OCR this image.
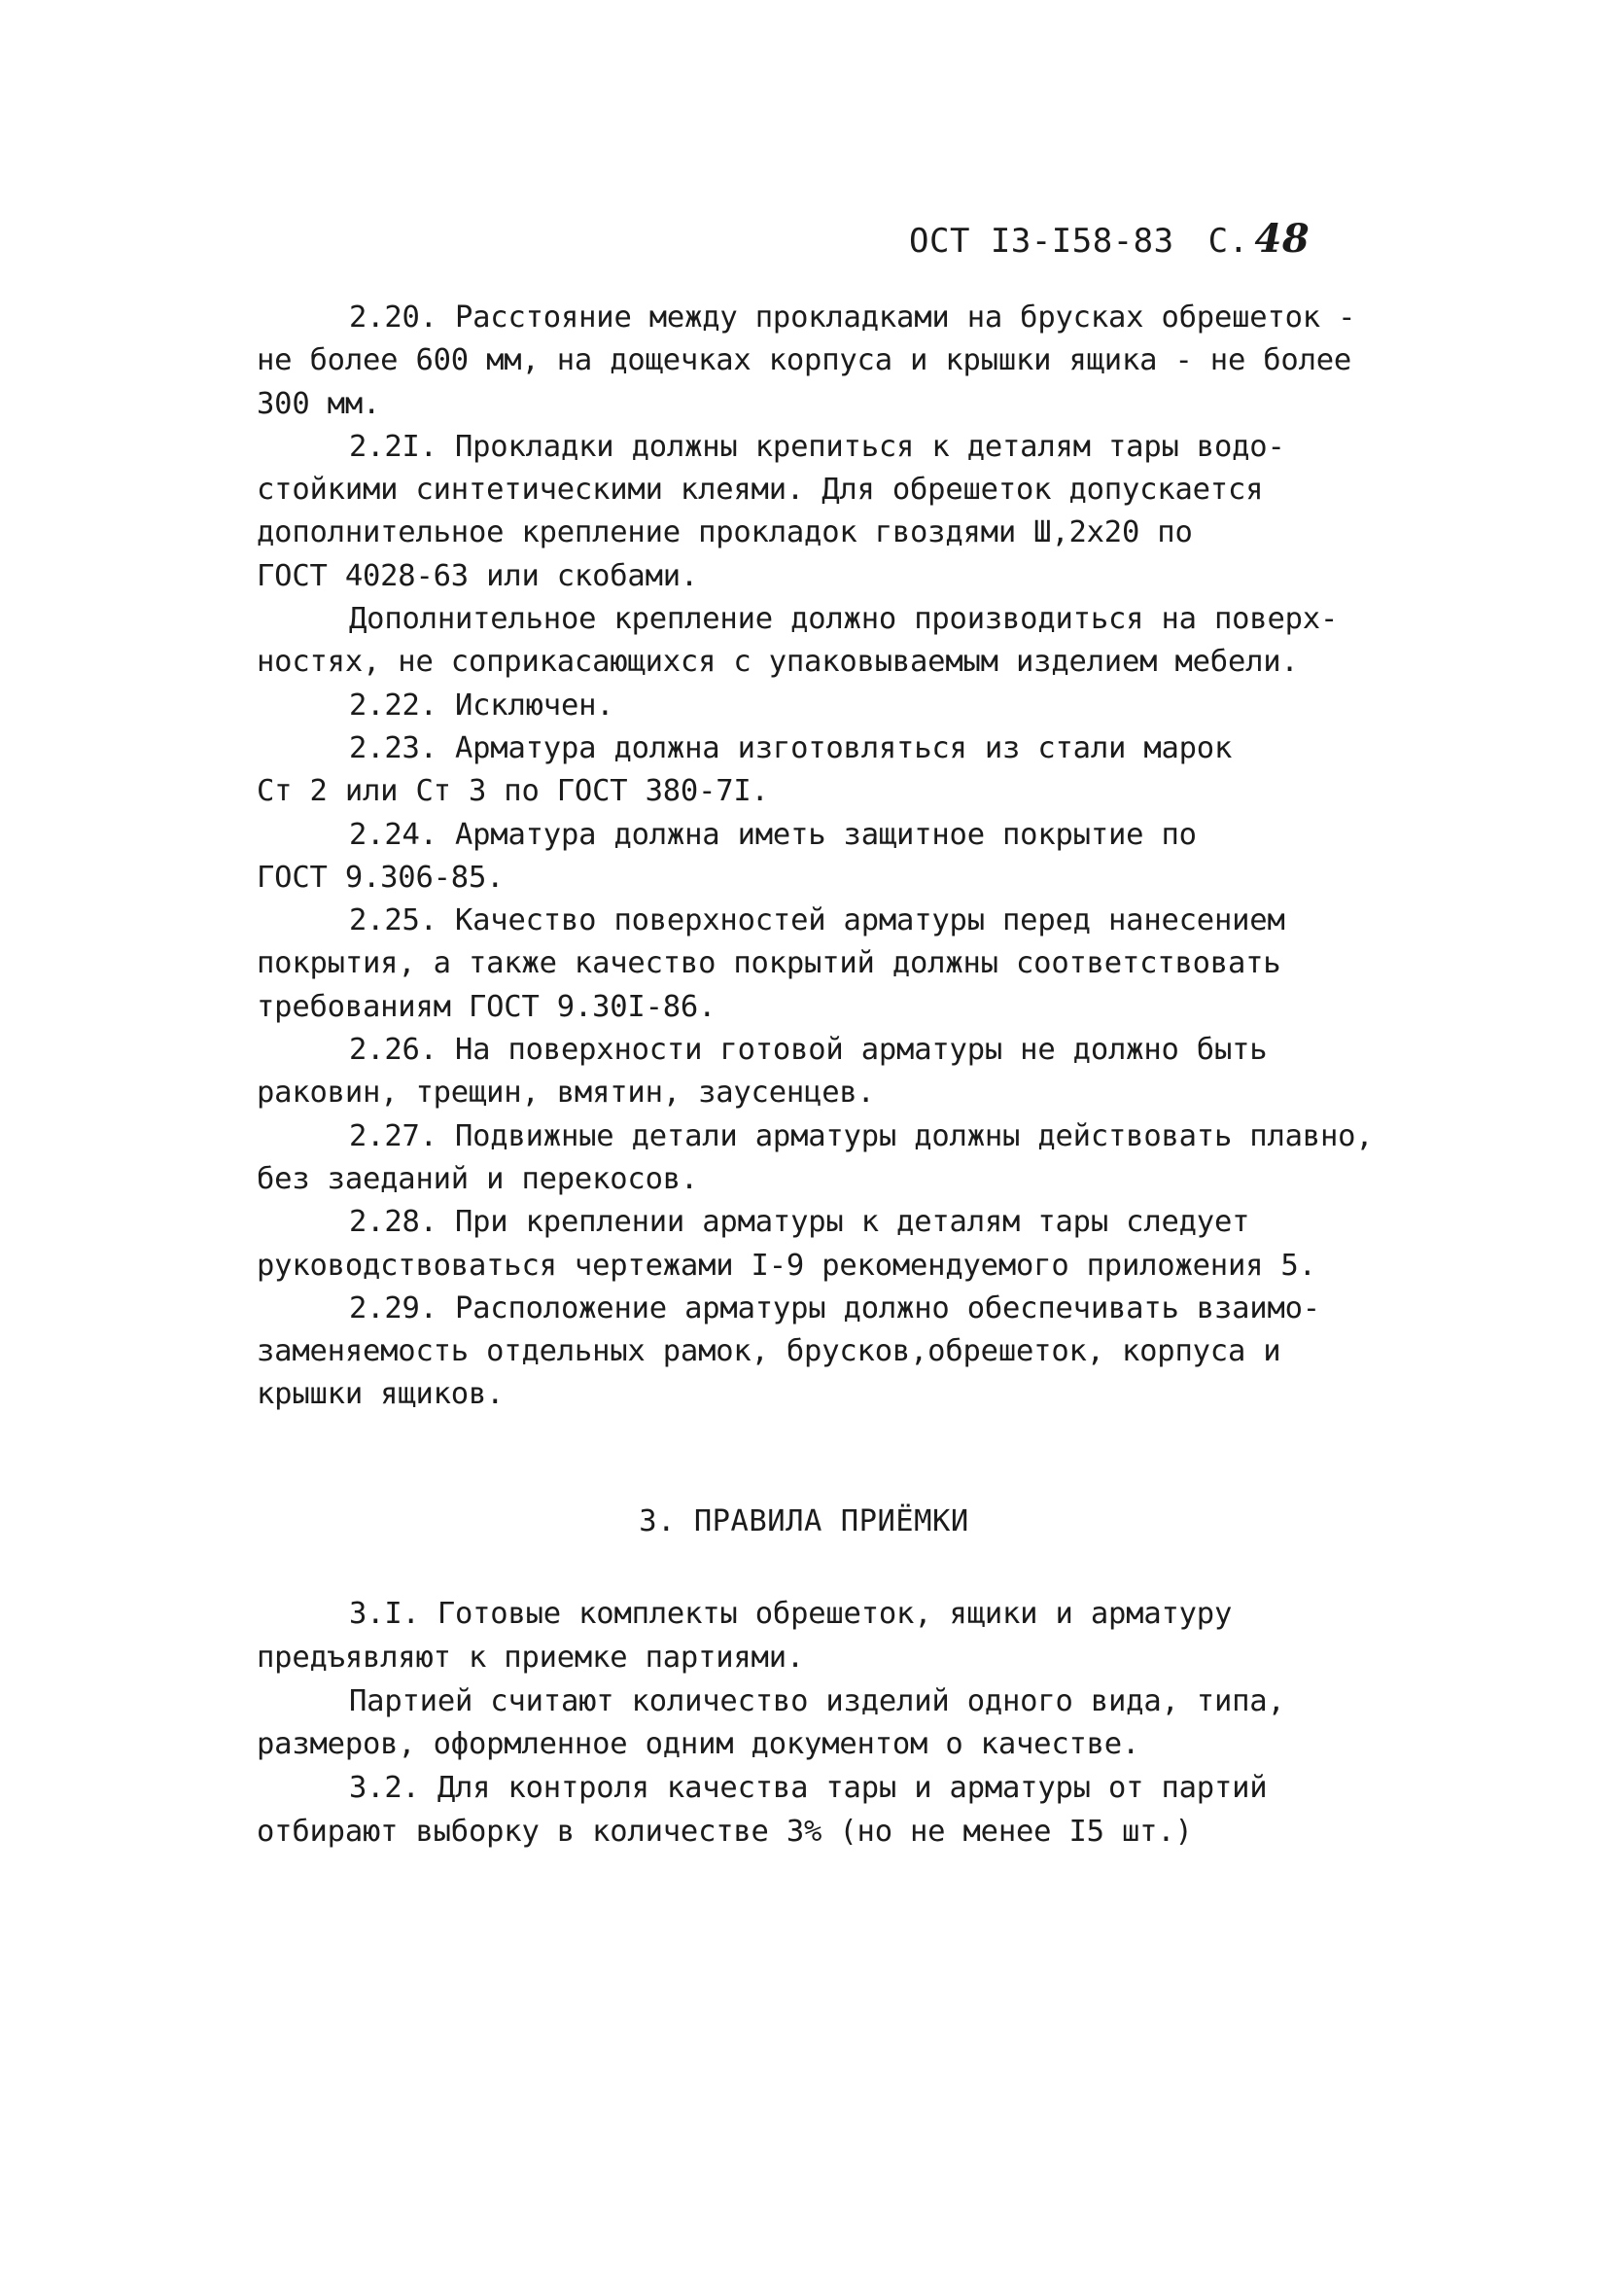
ОСТ I3-I58-83 С. 48

2.20. Расстояние между прокладками на брусках обрешеток -
не более 600 мм, на дощечках корпуса и крышки ящика - не более
300 мм.

2.2I. Прокладки должны крепиться к деталям тары водо-
стойкими синтетическими клеями. Для обрешеток допускается
дополнительное крепление прокладок гвоздями Ш,2х20 по
ГОСТ 4028-63 или скобами.

Дополнительное крепление должно производиться на поверх-
ностях, не соприкасающихся с упаковываемым изделием мебели.

2.22. Исключен.

2.23. Арматура должна изготовляться из стали марок
Ст 2 или Ст 3 по ГОСТ 380-7I.

2.24. Арматура должна иметь защитное покрытие по
ГОСТ 9.306-85.

2.25. Качество поверхностей арматуры перед нанесением
покрытия, а также качество покрытий должны соответствовать
требованиям ГОСТ 9.30I-86.

2.26. На поверхности готовой арматуры не должно быть
раковин, трещин, вмятин, заусенцев.

2.27. Подвижные детали арматуры должны действовать плавно,
без заеданий и перекосов.

2.28. При креплении арматуры к деталям тары следует
руководствоваться чертежами I-9 рекомендуемого приложения 5.

2.29. Расположение арматуры должно обеспечивать взаимо-
заменяемость отдельных рамок, брусков,обрешеток, корпуса и
крышки ящиков.

3. ПРАВИЛА ПРИЁМКИ

3.I. Готовые комплекты обрешеток, ящики и арматуру
предъявляют к приемке партиями.

Партией считают количество изделий одного вида, типа,
размеров, оформленное одним документом о качестве.

3.2. Для контроля качества тары и арматуры от партий
отбирают выборку в количестве 3% (но не менее I5 шт.)
